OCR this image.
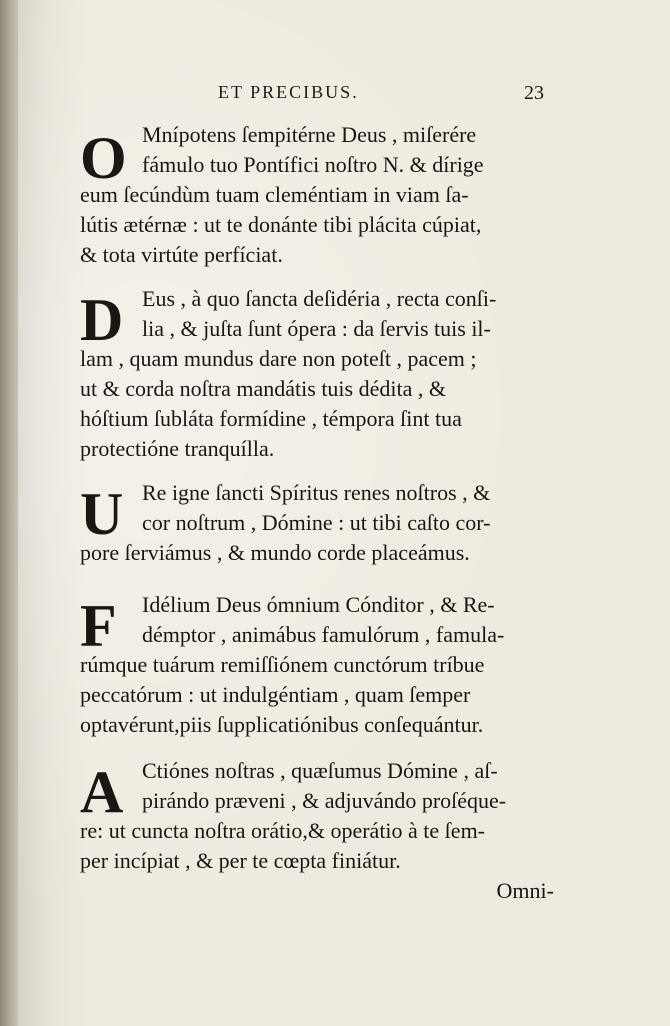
ET PRECIBUS.	23
O Mnípotens ſempitérne Deus , miſerére
fámulo tuo Pontífici noſtro N. & dírige
eum ſecúndùm tuam cleméntiam in viam ſa-
lútis ætérnæ : ut te donánte tibi plácita cúpiat,
& tota virtúte perfíciat.
D Eus , à quo ſancta deſidéria , recta conſi-
lia , & juſta ſunt ópera : da ſervis tuis il-
lam , quam mundus dare non poteſt , pacem ;
ut & corda noſtra mandátis tuis dédita , &
hóſtium ſubláta formídine , témpora ſint tua
protectióne tranquílla.
U Re igne ſancti Spíritus renes noſtros , &
cor noſtrum , Dómine : ut tibi caſto cor-
pore ſerviámus , & mundo corde placeámus.
F Idélium Deus ómnium Cónditor , & Re-
démptor , animábus famulórum , famula-
rúmque tuárum remiſſiónem cunctórum tríbue
peccatórum : ut indulgéntiam , quam ſemper
optavérunt,piis ſupplicatiónibus conſequántur.
A Ctiónes noſtras , quæſumus Dómine , aſ-
pirándo præveni , & adjuvándo proſéque-
re: ut cuncta noſtra orátio,& operátio à te ſem-
per incípiat , & per te cœpta finiátur.
Omni-
